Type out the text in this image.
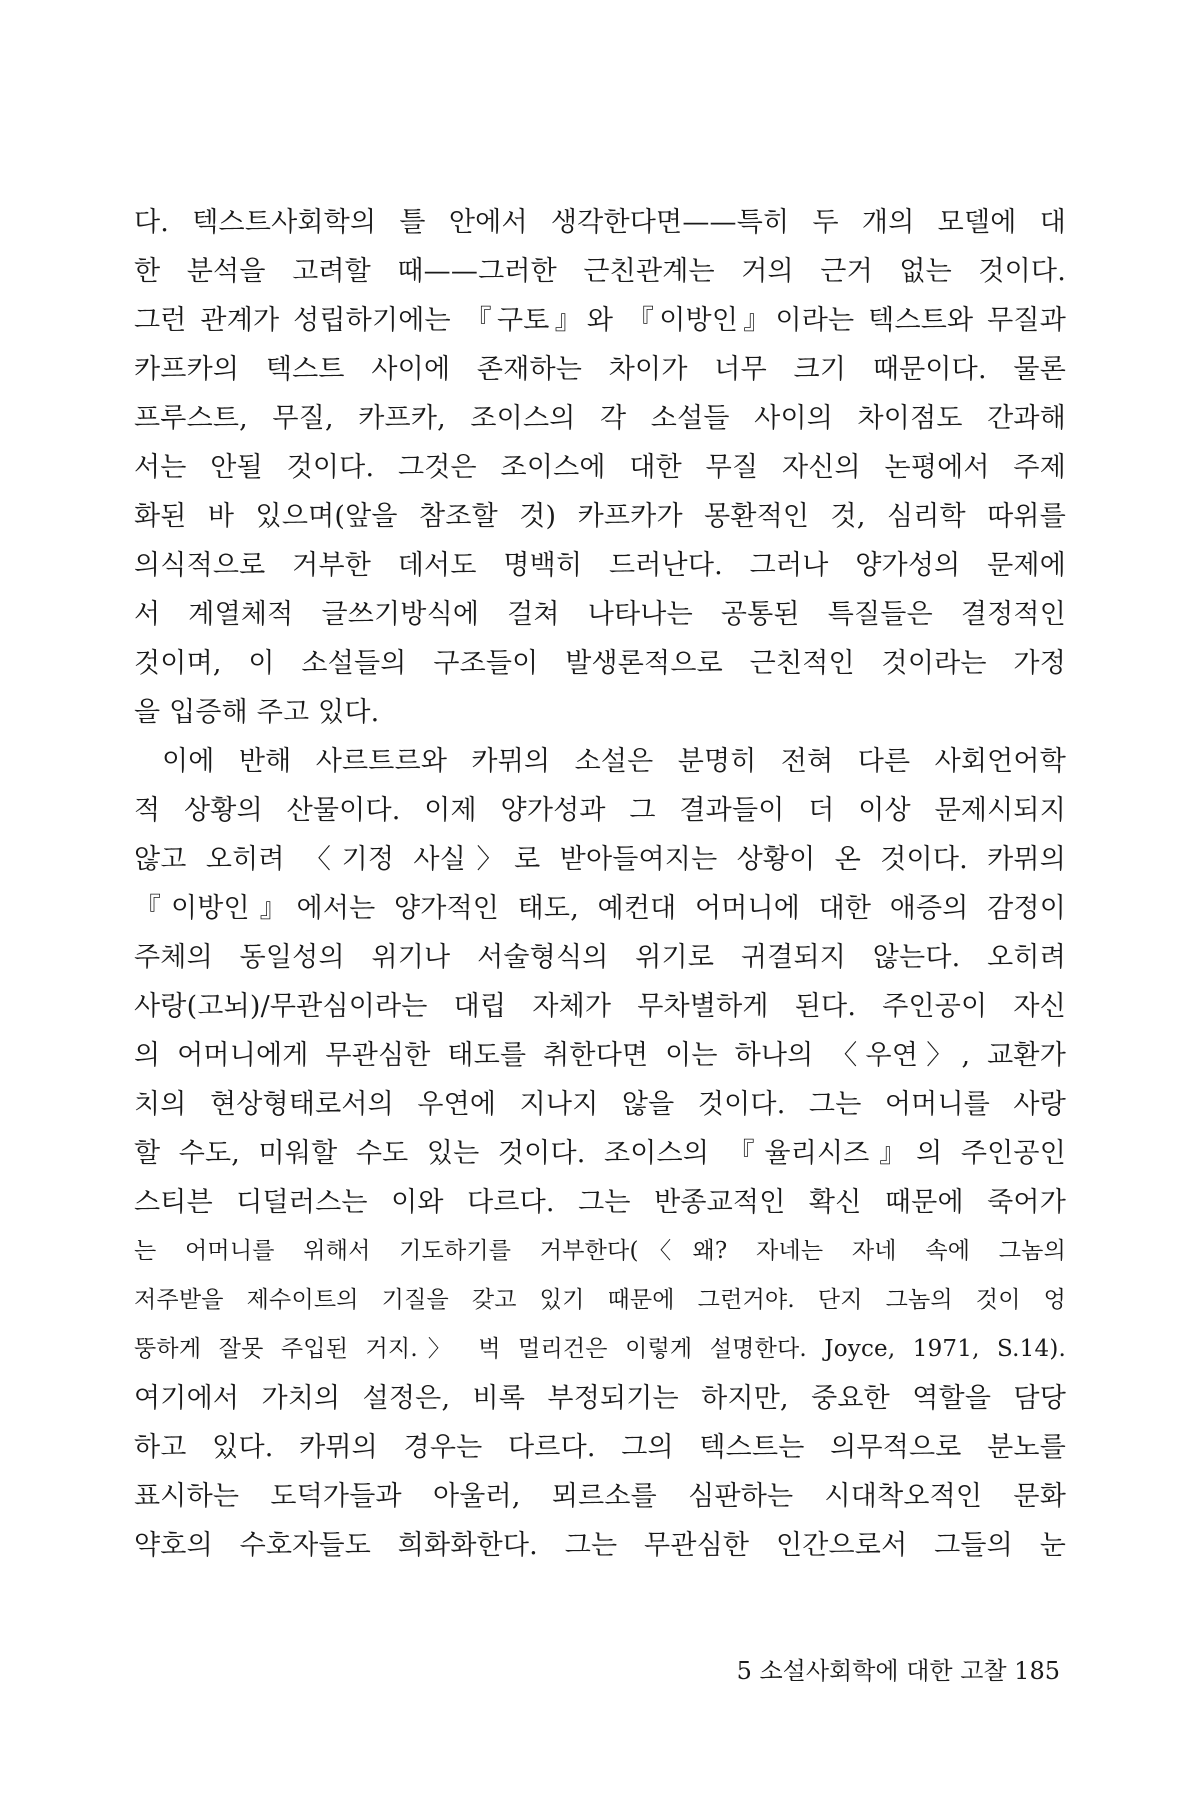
다. 텍스트사회학의 틀 안에서 생각한다면——특히 두 개의 모델에 대
한 분석을 고려할 때——그러한 근친관계는 거의 근거 없는 것이다.
그런 관계가 성립하기에는 『구토』와 『이방인』이라는 텍스트와 무질과
카프카의 텍스트 사이에 존재하는 차이가 너무 크기 때문이다. 물론
프루스트, 무질, 카프카, 조이스의 각 소설들 사이의 차이점도 간과해
서는 안될 것이다. 그것은 조이스에 대한 무질 자신의 논평에서 주제
화된 바 있으며(앞을 참조할 것) 카프카가 몽환적인 것, 심리학 따위를
의식적으로 거부한 데서도 명백히 드러난다. 그러나 양가성의 문제에
서 계열체적 글쓰기방식에 걸쳐 나타나는 공통된 특질들은 결정적인
것이며, 이 소설들의 구조들이 발생론적으로 근친적인 것이라는 가정
을 입증해 주고 있다.
이에 반해 사르트르와 카뮈의 소설은 분명히 전혀 다른 사회언어학
적 상황의 산물이다. 이제 양가성과 그 결과들이 더 이상 문제시되지
않고 오히려 〈기정 사실〉로 받아들여지는 상황이 온 것이다. 카뮈의
『이방인』에서는 양가적인 태도, 예컨대 어머니에 대한 애증의 감정이
주체의 동일성의 위기나 서술형식의 위기로 귀결되지 않는다. 오히려
사랑(고뇌)/무관심이라는 대립 자체가 무차별하게 된다. 주인공이 자신
의 어머니에게 무관심한 태도를 취한다면 이는 하나의 〈우연〉, 교환가
치의 현상형태로서의 우연에 지나지 않을 것이다. 그는 어머니를 사랑
할 수도, 미워할 수도 있는 것이다. 조이스의 『율리시즈』의 주인공인
스티븐 디덜러스는 이와 다르다. 그는 반종교적인 확신 때문에 죽어가
는 어머니를 위해서 기도하기를 거부한다(〈왜? 자네는 자네 속에 그놈의
저주받을 제수이트의 기질을 갖고 있기 때문에 그런거야. 단지 그놈의 것이 엉
뚱하게 잘못 주입된 거지.〉 벅 멀리건은 이렇게 설명한다. Joyce, 1971, S.14).
여기에서 가치의 설정은, 비록 부정되기는 하지만, 중요한 역할을 담당
하고 있다. 카뮈의 경우는 다르다. 그의 텍스트는 의무적으로 분노를
표시하는 도덕가들과 아울러, 뫼르소를 심판하는 시대착오적인 문화
약호의 수호자들도 희화화한다. 그는 무관심한 인간으로서 그들의 눈
5 소설사회학에 대한 고찰 185
